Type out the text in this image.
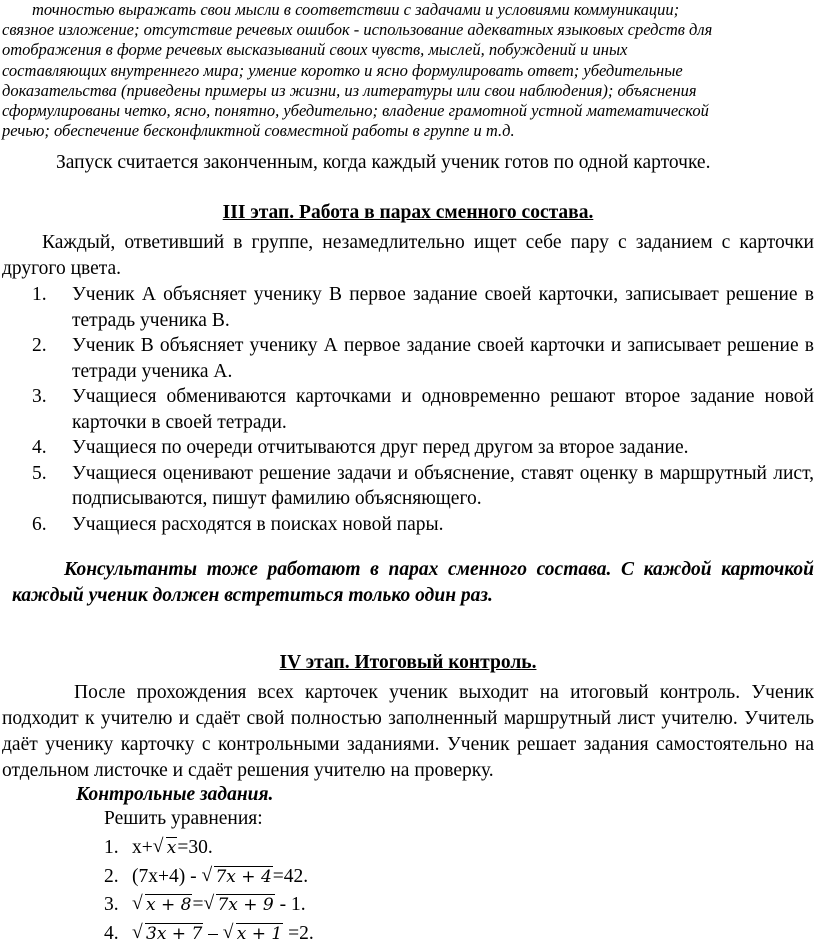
точностью выражать свои мысли в соответствии с задачами и условиями коммуникации;
связное изложение; отсутствие речевых ошибок - использование адекватных языковых средств для
отображения в форме речевых высказываний своих чувств, мыслей, побуждений и иных
составляющих внутреннего мира; умение коротко и ясно формулировать ответ; убедительные
доказательства (приведены примеры из жизни, из литературы или свои наблюдения); объяснения
сформулированы четко, ясно, понятно, убедительно; владение грамотной устной математической
речью; обеспечение бесконфликтной совместной работы в группе и т.д.
Запуск считается законченным, когда каждый ученик готов по одной карточке.
III этап. Работа в парах сменного состава.
Каждый, ответивший в группе, незамедлительно ищет себе пару с заданием с карточки другого цвета.
1. Ученик А объясняет ученику В первое задание своей карточки, записывает решение в тетрадь ученика В.
2. Ученик В объясняет ученику А первое задание своей карточки и записывает решение в тетради ученика А.
3. Учащиеся обмениваются карточками и одновременно решают второе задание новой карточки в своей тетради.
4. Учащиеся по очереди отчитываются друг перед другом за второе задание.
5. Учащиеся оценивают решение задачи и объяснение, ставят оценку в маршрутный лист, подписываются, пишут фамилию объясняющего.
6. Учащиеся расходятся в поисках новой пары.
Консультанты тоже работают в парах сменного состава. С каждой карточкой каждый ученик должен встретиться только один раз.
IV этап. Итоговый контроль.
После прохождения всех карточек ученик выходит на итоговый контроль. Ученик подходит к учителю и сдаёт свой полностью заполненный маршрутный лист учителю. Учитель даёт ученику карточку с контрольными заданиями. Ученик решает задания самостоятельно на отдельном листочке и сдаёт решения учителю на проверку.
Контрольные задания.
Решить уравнения:
1. x+ √ x=30.
2. (7x+4) - √ 7x + 4=42.
3. √ x + 8= √ 7x + 9 - 1.
4. √ 3x + 7 – √ x + 1 =2.
